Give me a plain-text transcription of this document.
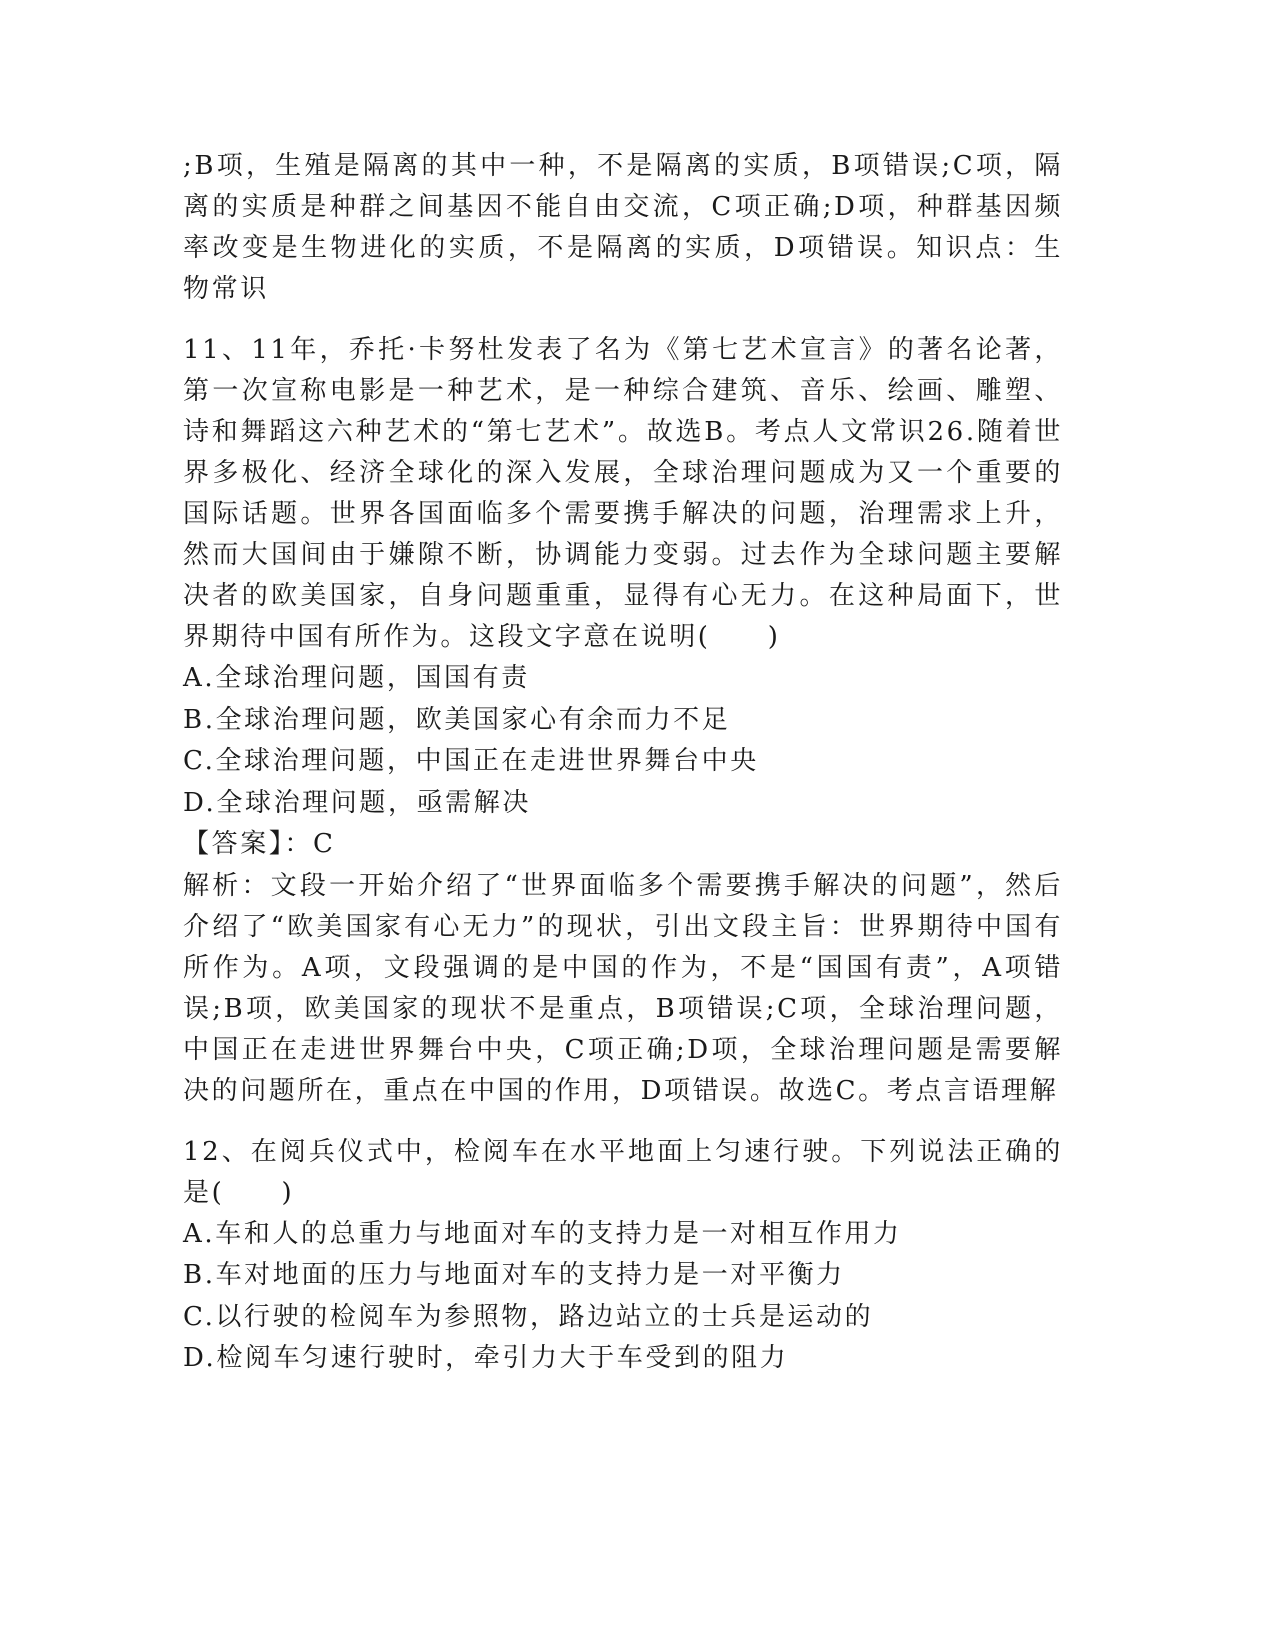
;B项，生殖是隔离的其中一种，不是隔离的实质，B项错误;C项，隔离的实质是种群之间基因不能自由交流，C项正确;D项，种群基因频率改变是生物进化的实质，不是隔离的实质，D项错误。知识点：生物常识

11、11年，乔托·卡努杜发表了名为《第七艺术宣言》的著名论著，第一次宣称电影是一种艺术，是一种综合建筑、音乐、绘画、雕塑、诗和舞蹈这六种艺术的“第七艺术”。故选B。考点人文常识26.随着世界多极化、经济全球化的深入发展，全球治理问题成为又一个重要的国际话题。世界各国面临多个需要携手解决的问题，治理需求上升，然而大国间由于嫌隙不断，协调能力变弱。过去作为全球问题主要解决者的欧美国家，自身问题重重，显得有心无力。在这种局面下，世界期待中国有所作为。这段文字意在说明(　　)

A.全球治理问题，国国有责

B.全球治理问题，欧美国家心有余而力不足

C.全球治理问题，中国正在走进世界舞台中央

D.全球治理问题，亟需解决

【答案】：C

解析：文段一开始介绍了“世界面临多个需要携手解决的问题”，然后介绍了“欧美国家有心无力”的现状，引出文段主旨：世界期待中国有所作为。A项，文段强调的是中国的作为，不是“国国有责”，A项错误;B项，欧美国家的现状不是重点，B项错误;C项，全球治理问题，中国正在走进世界舞台中央，C项正确;D项，全球治理问题是需要解决的问题所在，重点在中国的作用，D项错误。故选C。考点言语理解

12、在阅兵仪式中，检阅车在水平地面上匀速行驶。下列说法正确的是(　　)

A.车和人的总重力与地面对车的支持力是一对相互作用力

B.车对地面的压力与地面对车的支持力是一对平衡力

C.以行驶的检阅车为参照物，路边站立的士兵是运动的

D.检阅车匀速行驶时，牵引力大于车受到的阻力
